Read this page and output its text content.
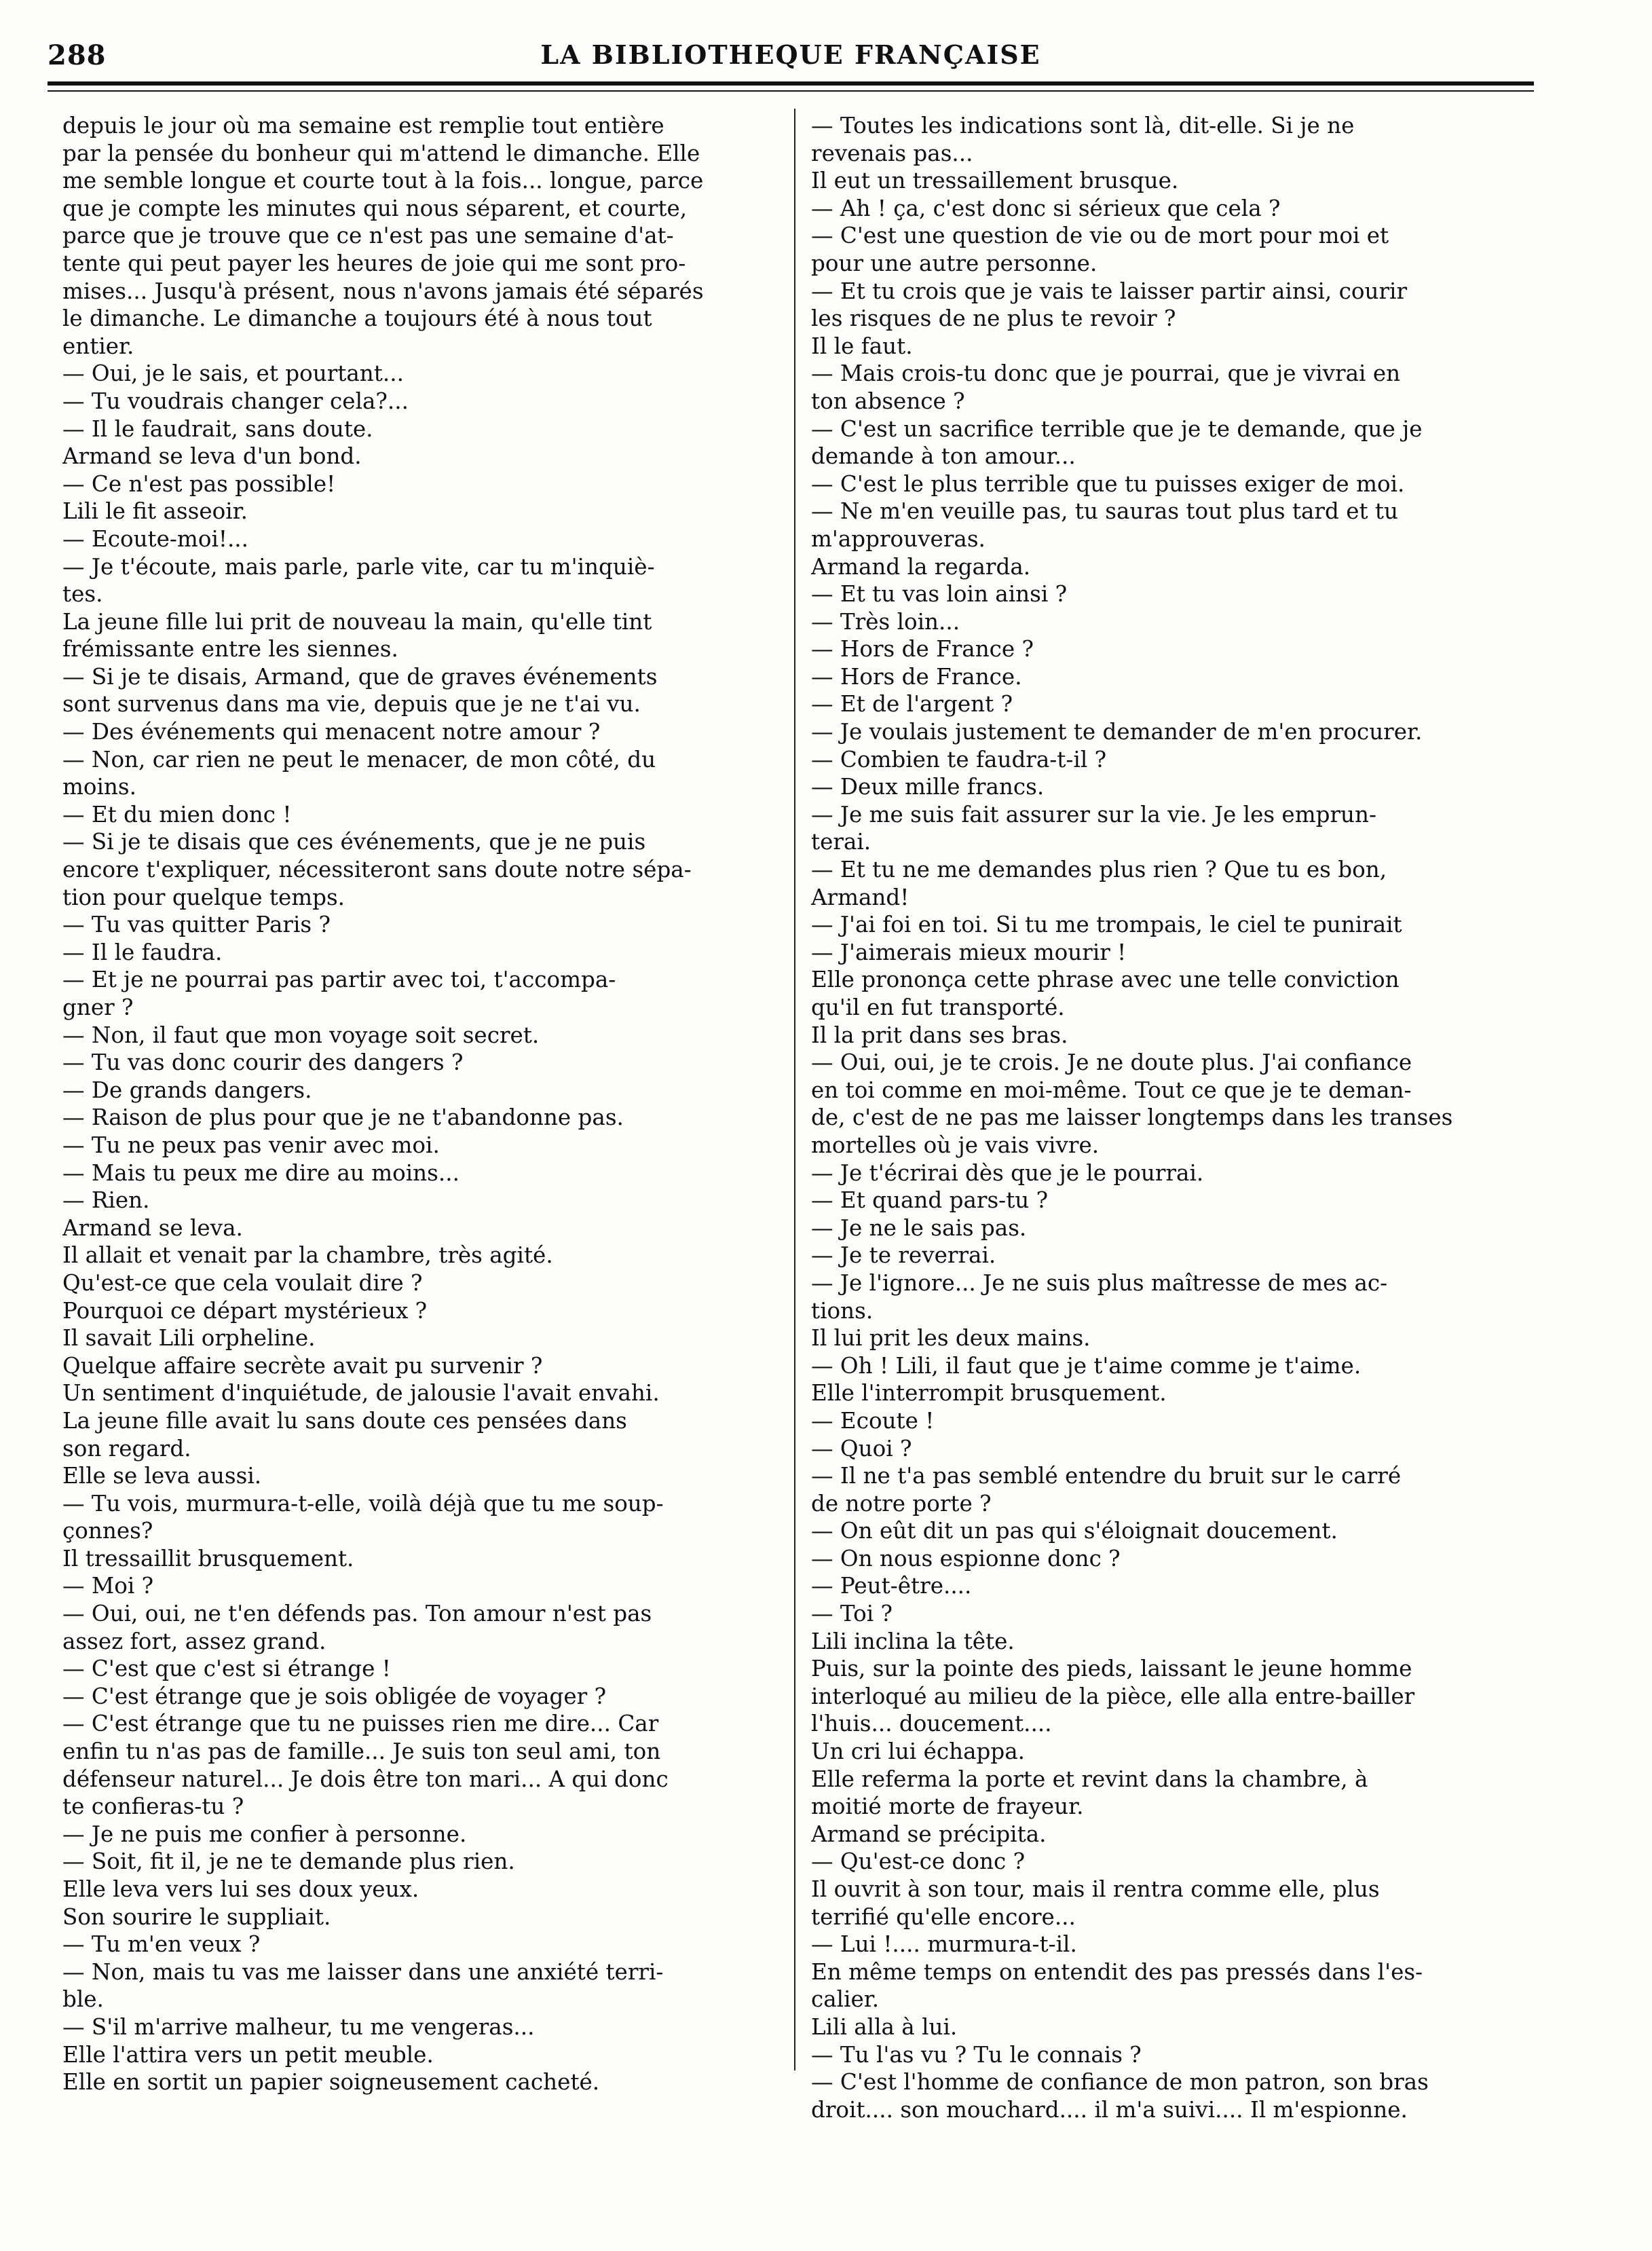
288	LA BIBLIOTHEQUE FRANÇAISE
depuis le jour où ma semaine est remplie tout entière
par la pensée du bonheur qui m'attend le dimanche. Elle
me semble longue et courte tout à la fois... longue, parce
que je compte les minutes qui nous séparent, et courte,
parce que je trouve que ce n'est pas une semaine d'at-
tente qui peut payer les heures de joie qui me sont pro-
mises... Jusqu'à présent, nous n'avons jamais été séparés
le dimanche. Le dimanche a toujours été à nous tout
entier.
— Oui, je le sais, et pourtant...
— Tu voudrais changer cela?...
— Il le faudrait, sans doute.
Armand se leva d'un bond.
— Ce n'est pas possible!
Lili le fit asseoir.
— Ecoute-moi!...
— Je t'écoute, mais parle, parle vite, car tu m'inquiè-
tes.
La jeune fille lui prit de nouveau la main, qu'elle tint
frémissante entre les siennes.
— Si je te disais, Armand, que de graves événements
sont survenus dans ma vie, depuis que je ne t'ai vu.
— Des événements qui menacent notre amour ?
— Non, car rien ne peut le menacer, de mon côté, du
moins.
— Et du mien donc !
— Si je te disais que ces événements, que je ne puis
encore t'expliquer, nécessiteront sans doute notre sépa-
tion pour quelque temps.
— Tu vas quitter Paris ?
— Il le faudra.
— Et je ne pourrai pas partir avec toi, t'accompa-
gner ?
— Non, il faut que mon voyage soit secret.
— Tu vas donc courir des dangers ?
— De grands dangers.
— Raison de plus pour que je ne t'abandonne pas.
— Tu ne peux pas venir avec moi.
— Mais tu peux me dire au moins...
— Rien.
Armand se leva.
Il allait et venait par la chambre, très agité.
Qu'est-ce que cela voulait dire ?
Pourquoi ce départ mystérieux ?
Il savait Lili orpheline.
Quelque affaire secrète avait pu survenir ?
Un sentiment d'inquiétude, de jalousie l'avait envahi.
La jeune fille avait lu sans doute ces pensées dans
son regard.
Elle se leva aussi.
— Tu vois, murmura-t-elle, voilà déjà que tu me soup-
çonnes?
Il tressaillit brusquement.
— Moi ?
— Oui, oui, ne t'en défends pas. Ton amour n'est pas
assez fort, assez grand.
— C'est que c'est si étrange !
— C'est étrange que je sois obligée de voyager ?
— C'est étrange que tu ne puisses rien me dire... Car
enfin tu n'as pas de famille... Je suis ton seul ami, ton
défenseur naturel... Je dois être ton mari... A qui donc
te confieras-tu ?
— Je ne puis me confier à personne.
— Soit, fit il, je ne te demande plus rien.
Elle leva vers lui ses doux yeux.
Son sourire le suppliait.
— Tu m'en veux ?
— Non, mais tu vas me laisser dans une anxiété terri-
ble.
— S'il m'arrive malheur, tu me vengeras...
Elle l'attira vers un petit meuble.
Elle en sortit un papier soigneusement cacheté.
— Toutes les indications sont là, dit-elle. Si je ne
revenais pas...
Il eut un tressaillement brusque.
— Ah ! ça, c'est donc si sérieux que cela ?
— C'est une question de vie ou de mort pour moi et
pour une autre personne.
— Et tu crois que je vais te laisser partir ainsi, courir
les risques de ne plus te revoir ?
Il le faut.
— Mais crois-tu donc que je pourrai, que je vivrai en
ton absence ?
— C'est un sacrifice terrible que je te demande, que je
demande à ton amour...
— C'est le plus terrible que tu puisses exiger de moi.
— Ne m'en veuille pas, tu sauras tout plus tard et tu
m'approuveras.
Armand la regarda.
— Et tu vas loin ainsi ?
— Très loin...
— Hors de France ?
— Hors de France.
— Et de l'argent ?
— Je voulais justement te demander de m'en procurer.
— Combien te faudra-t-il ?
— Deux mille francs.
— Je me suis fait assurer sur la vie. Je les emprun-
terai.
— Et tu ne me demandes plus rien ? Que tu es bon,
Armand!
— J'ai foi en toi. Si tu me trompais, le ciel te punirait
— J'aimerais mieux mourir !
Elle prononça cette phrase avec une telle conviction
qu'il en fut transporté.
Il la prit dans ses bras.
— Oui, oui, je te crois. Je ne doute plus. J'ai confiance
en toi comme en moi-même. Tout ce que je te deman-
de, c'est de ne pas me laisser longtemps dans les transes
mortelles où je vais vivre.
— Je t'écrirai dès que je le pourrai.
— Et quand pars-tu ?
— Je ne le sais pas.
— Je te reverrai.
— Je l'ignore... Je ne suis plus maîtresse de mes ac-
tions.
Il lui prit les deux mains.
— Oh ! Lili, il faut que je t'aime comme je t'aime.
Elle l'interrompit brusquement.
— Ecoute !
— Quoi ?
— Il ne t'a pas semblé entendre du bruit sur le carré
de notre porte ?
— On eût dit un pas qui s'éloignait doucement.
— On nous espionne donc ?
— Peut-être....
— Toi ?
Lili inclina la tête.
Puis, sur la pointe des pieds, laissant le jeune homme
interloqué au milieu de la pièce, elle alla entre-bailler
l'huis... doucement....
Un cri lui échappa.
Elle referma la porte et revint dans la chambre, à
moitié morte de frayeur.
Armand se précipita.
— Qu'est-ce donc ?
Il ouvrit à son tour, mais il rentra comme elle, plus
terrifié qu'elle encore...
— Lui !.... murmura-t-il.
En même temps on entendit des pas pressés dans l'es-
calier.
Lili alla à lui.
— Tu l'as vu ? Tu le connais ?
— C'est l'homme de confiance de mon patron, son bras
droit.... son mouchard.... il m'a suivi.... Il m'espionne.
